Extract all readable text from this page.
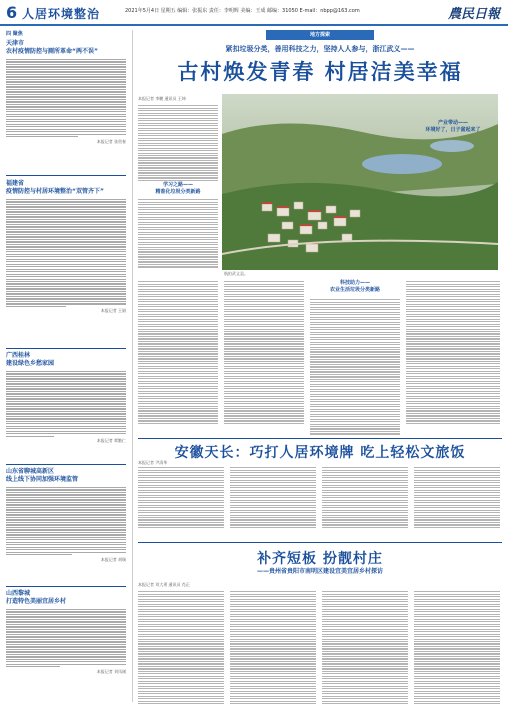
6 人居环境整治	2021年5月4日 星期五 编辑：张振东 责任：李明辉 美编：王成 邮编：31050 E-mail：nbpp@163.com	農民日報
四 聚焦
天津市
农村疫情防控与厕所革命“两不误”
本报记者 张贵春
福建省
疫情防控与村居环境整治“双管齐下”
本报记者 王娟
广西桂林
建设绿色乡愁家园
本报记者 覃勤仁
山东省聊城高新区
线上线下协同加强环境监管
本报记者 胡瑞
山西黎城
打造特色美丽宜居乡村
本报记者 刘凤刚
地方探索
紧扣垃圾分类，善用科技之力，坚持人人参与，浙江武义——
古村焕发青春 村居洁美幸福
本报记者 李鹏 通讯员 王坤
学习之路——
精准化垃圾分类新路
航拍武义县。
科技助力——
农业生活垃圾分类新路
产业带动——
环境好了，日子富起来了
安徽天长：巧打人居环境牌 吃上轻松文旅饭
本报记者 尹清华
补齐短板 扮靓村庄
——贵州省贵阳市南明区建设宜美宜居乡村探访
本报记者 刘大勇 通讯员 肖正
